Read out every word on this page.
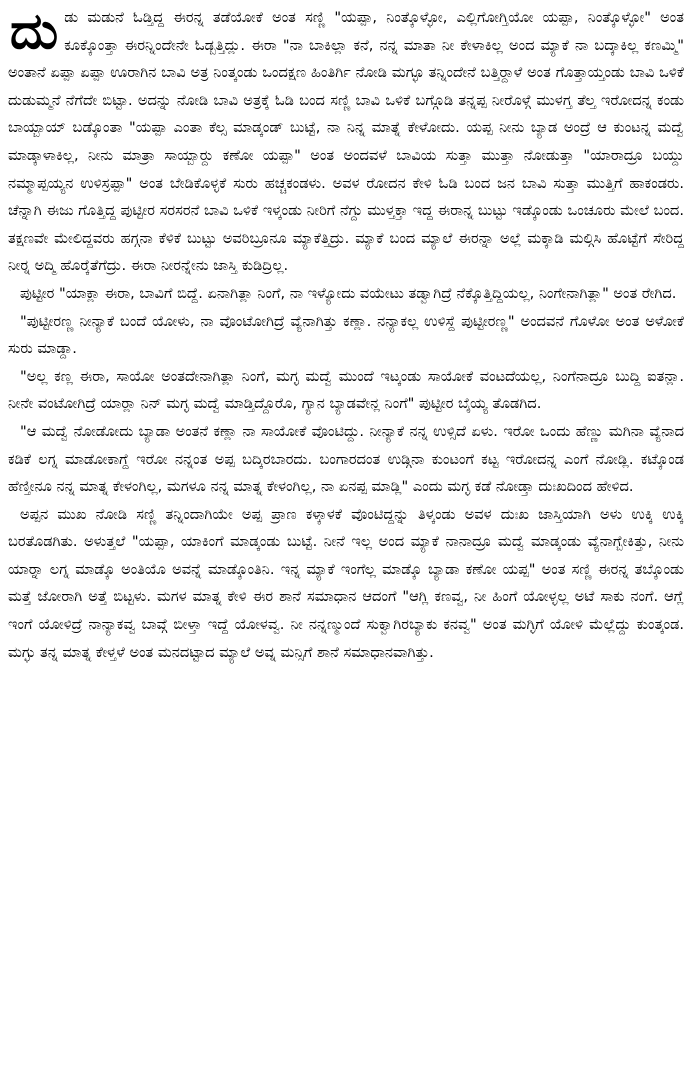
ದುಡು ಮಡುನೆ ಓಡ್ತಿದ್ದ ಈರನ್ನ ತಡೆಯೋಕೆ ಅಂತ ಸಣ್ಣಿ "ಯಪ್ಪಾ, ನಿಂತ್ಕೊಳ್ಳೋ, ಎಲ್ಲಿಗೋಗ್ತಿಯೋ ಯಪ್ಪಾ, ನಿಂತ್ಕೊಳ್ಳೋ" ಅಂತ ಕೂಕ್ಕೊಂತ್ತಾ ಈರನ್ನಿಂದೇನೇ ಓಡ್ಬತ್ತಿದ್ಲು. ಈರಾ "ನಾ ಬಾಕಿಲ್ಲಾ ಕನೆ, ನನ್ನ ಮಾತಾ ನೀ ಕೇಳಾಕಿಲ್ಲ ಅಂದ ಮ್ಯಾಕೆ ನಾ ಬದ್ಕಾಕಿಲ್ಲ ಕಣಮ್ಮಿ" ಅಂತಾನೆ ಏಪ್ಪಾ ಏಪ್ಪಾ ಊರಾಗಿನ ಬಾವಿ ಅತ್ರ ನಿಂತ್ಕಂಡು ಒಂದಕ್ಷಣ ಹಿಂತಿರ್ಗಿ ನೋಡಿ ಮಗ್ಳೂ ತನ್ನಿಂದೇನೆ ಬತ್ತಿರ್‍ದಾಳೆ ಅಂತ ಗೊತ್ತಾಯ್ತಂಡು ಬಾವಿ ಒಳಿಕೆ ದುಡುಮ್ಮನೆ ನೆಗೆದೇ ಬಿಟ್ಟಾ. ಅದನ್ನು ನೋಡಿ ಬಾವಿ ಅತ್ರಕ್ಕೆ ಓಡಿ ಬಂದ ಸಣ್ಣಿ ಬಾವಿ ಒಳಿಕೆ ಬಗ್ಗೊಡಿ ತನ್ನಪ್ಪ ನೀರೊಳ್ಗೆ ಮುಳಗ್ತ ತೆಲ್ತ ಇರೋದನ್ನ ಕಂಡು ಬಾಯ್ಬಾಯ್ ಬಡ್ಕೊಂತಾ "ಯಪ್ಪಾ ಎಂತಾ ಕೆಲ್ಸ ಮಾಡ್ಕಂಡ್ ಬುಟ್ಟೆ, ನಾ ನಿನ್ನ ಮಾತ್ನೆ ಕೇಳೋದು. ಯಪ್ಪ ನೀನು ಬ್ಯಾಡ ಅಂದ್ರೆ ಆ ಕುಂಟನ್ನ ಮದ್ವೆ ಮಾಡ್ಕಾಳಾಕಿಲ್ಲ, ನೀನು ಮಾತ್ರಾ ಸಾಯ್ಬಾರ್‍ದು ಕಣೋ ಯಪ್ಪಾ" ಅಂತ ಅಂದವಳೆ ಬಾವಿಯ ಸುತ್ತಾ ಮುತ್ತಾ ನೋಡುತ್ತಾ "ಯಾರಾದ್ರೂ ಬಯ್ದು ನಮ್ಮಾಪ್ಪಯ್ಯನ ಉಳಿಸ್ರಪ್ಪಾ" ಅಂತ ಬೇಡಿಕೊಳ್ಳಕೆ ಸುರು ಹಚ್ಚಕಂಡಳು. ಅವಳ ರೋದನ ಕೇಳಿ ಓಡಿ ಬಂದ ಜನ ಬಾವಿ ಸುತ್ತಾ ಮುತ್ತಿಗೆ ಹಾಕಂಡರು. ಚೆನ್ನಾಗಿ ಈಜು ಗೊತ್ತಿದ್ದ ಪುಟ್ಟೀರ ಸರಸರನೆ ಬಾವಿ ಒಳಿಕೆ ಇಳ್ಕಂಡು ನೀರಿಗೆ ನೆಗ್ದು ಮುಳ್ತಕ್ತಾ ಇದ್ದ ಈರಾನ್ನ ಬುಟ್ಟು ಇಡ್ಕೊಂಡು ಒಂಚೂರು ಮೇಲೆ ಬಂದ. ತಕ್ಷಣವೇ ಮೇಲಿದ್ದವರು ಹಗ್ಗನಾ ಕೆಳಿಕೆ ಬುಟ್ಟು ಅವರಿಬ್ರೂನೂ ಮ್ಯಾಕೆತ್ತಿದ್ರು. ಮ್ಯಾಕೆ ಬಂದ ಮ್ಯಾಲೆ ಈರನ್ನಾ ಅಲ್ಲೆ ಮಕ್ಕಾಡಿ ಮಲ್ಗಿಸಿ ಹೊಟ್ಟೆಗೆ ಸೇರಿದ್ದ ನೀರ್‍ನ ಅದ್ಮಿ ಹೊರ್‍ಕೆತೆಗೆದ್ರು. ಈರಾ ನೀರನ್ನೇನು ಜಾಸ್ತಿ ಕುಡಿದ್ರಿಲ್ಲ.

ಪುಟ್ಟೀರ "ಯಾಕ್ಲಾ ಈರಾ, ಬಾವಿಗೆ ಬಿದ್ದೆ. ಏನಾಗಿತ್ಲಾ ನಿಂಗೆ, ನಾ ಇಳ್ಯೋದು ವಯೇಟು ತಡ್ವಾಗಿದ್ರೆ ನೆಕ್ಕೊತ್ತಿದ್ದಿಯಲ್ಲ, ನಿಂಗೇನಾಗಿತ್ಲಾ" ಅಂತ ರೇಗಿದ.

"ಪುಟ್ಟೀರಣ್ಣ ನೀನ್ಯಾಕೆ ಬಂದೆ ಯೋಳು, ನಾ ವೊಂಟೋಗಿದ್ರೆ ವ್ಯೆನಾಗಿತ್ತು ಕಣ್ಲಾ. ನನ್ಯಾಕಲ್ಲ ಉಳಿಸ್ದೆ ಪುಟ್ಟೀರಣ್ಣ" ಅಂದವನೆ ಗೊಳೋ ಅಂತ ಅಳೋಕೆ ಸುರು ಮಾಡ್ದಾ.

"ಅಲ್ಲ ಕಣ್ಲ ಈರಾ, ಸಾಯೋ ಅಂತದೇನಾಗಿತ್ಲಾ ನಿಂಗೆ, ಮಗ್ಳ ಮದ್ವೆ ಮುಂದೆ ಇಟ್ಕಂಡು ಸಾಯೋಕೆ ವಂಟದೆಯಲ್ಲ, ನಿಂಗೆನಾದ್ರೂ ಬುದ್ದಿ ಐತನ್ಲಾ. ನೀನೇ ವಂಟೋಗಿದ್ರೆ ಯಾರ್‍ಲಾ ನಿನ್ ಮಗ್ಳ ಮದ್ವೆ ಮಾಡ್ತಿದ್ದೊರೊ, ಗ್ಯಾನ ಬ್ಯಾಡವೇನ್ಲ ನಿಂಗೆ" ಪುಟ್ಟೀರ ಬೈಯ್ಯ ತೊಡಗಿದ.

"ಆ ಮದ್ವೆ ನೋಡೋದು ಬ್ಯಾಡಾ ಅಂತನೆ ಕಣ್ಲಾ ನಾ ಸಾಯೋಕೆ ವೊಂಟಿದ್ದು. ನೀನ್ಯಾಕೆ ನನ್ನ ಉಳ್ಸಿದೆ ಏಳು. ಇರೋ ಒಂದು ಹೆಣ್ಣು ಮಗಿನಾ ವ್ಯೆನಾದ ಕಡಿಕೆ ಲಗ್ನ ಮಾಡೋಕಾಗ್ದೆ ಇರೋ ನನ್ನಂತ ಅಪ್ಪ ಬದ್ಕಿರಬಾರದು. ಬಂಗಾರದಂತ ಉಡ್ಗಿನಾ ಕುಂಟಂಗೆ ಕಟ್ಟ ಇರೋದನ್ನ ಎಂಗೆ ನೋಡ್ಲಿ. ಕಟ್ಕೊಂಡ ಹೆಣ್ತೀನೂ ನನ್ನ ಮಾತ್ನ ಕೇಳಂಗಿಲ್ಲ, ಮಗಳೂ ನನ್ನ ಮಾತ್ನ ಕೇಳಂಗಿಲ್ಲ, ನಾ ಏನಪ್ಪ ಮಾಡ್ಲಿ" ಎಂದು ಮಗ್ಳ ಕಡೆ ನೋಡ್ತಾ ದುಃಖದಿಂದ ಹೇಳಿದ.

ಅಪ್ಪನ ಮುಖ ನೋಡಿ ಸಣ್ಣಿ ತನ್ನಿಂದಾಗಿಯೇ ಅಪ್ಪ ಪ್ರಾಣ ಕಳ್ಕಾಳಕೆ ವೊಂಟಿದ್ದನ್ನು ತಿಳ್ಕಂಡು ಅವಳ ದುಃಖ ಜಾಸ್ತಿಯಾಗಿ ಅಳು ಉಕ್ಕಿ ಉಕ್ಕಿ ಬರತೊಡಗಿತು. ಅಳುತ್ತಲೆ "ಯಪ್ಪಾ, ಯಾಕಿಂಗೆ ಮಾಡ್ಕಂಡು ಬುಟ್ಟೆ. ನೀನೆ ಇಲ್ಲ ಅಂದ ಮ್ಯಾಕೆ ನಾನಾದ್ರೂ ಮದ್ವೆ ಮಾಡ್ಕಂಡು ವ್ಯೆನಾಗ್ಬೇಕಿತ್ತು, ನೀನು ಯಾರ್‍ನಾ ಲಗ್ನ ಮಾಡ್ಕೊ ಅಂತಿಯೊ ಅವನ್ನೆ ಮಾಡ್ಕೊಂತಿನಿ. ಇನ್ನ ಮ್ಯಾಕೆ ಇಂಗೆಲ್ಲ ಮಾಡ್ಕೊ ಬ್ಯಾಡಾ ಕಣೋ ಯಪ್ಪ" ಅಂತ ಸಣ್ಣಿ ಈರನ್ನ ತಬ್ಕೊಂಡು ಮತ್ತೆ ಜೋರಾಗಿ ಅತ್ತೆ ಬಿಟ್ಟಳು. ಮಗಳ ಮಾತ್ನ ಕೇಳಿ ಈರ ಶಾನೆ ಸಮಾಧಾನ ಆದಂಗೆ "ಆಗ್ಲಿ ಕಣವ್ವ, ನೀ ಹಿಂಗೆ ಯೋಳ್ಳಲ್ಲ ಅಟೆ ಸಾಕು ನಂಗೆ. ಆಗ್ಲೆ ಇಂಗೆ ಯೋಳಿದ್ರೆ ನಾನ್ಯಾಕವ್ವ ಬಾವ್ಗೆ ಬೀಳ್ತಾ ಇದ್ದೆ ಯೋಳವ್ವ. ನೀ ನನ್ನಣ್ಮುಂದೆ ಸುಕ್ವಾಗಿರಬ್ಯಾಕು ಕನವ್ವ" ಅಂತ ಮಗ್ಳಿಗೆ ಯೋಳಿ ಮೆಲ್ಲೆದ್ದು ಕುಂತ್ಕಂಡ. ಮಗ್ಳು ತನ್ನ ಮಾತ್ನ ಕೇಳ್ತಳೆ ಅಂತ ಮನದಟ್ಟಾದ ಮ್ಯಾಲೆ ಅವ್ನ ಮನ್ಸಿಗೆ ಶಾನೆ ಸಮಾಧಾನವಾಗಿತ್ತು.
